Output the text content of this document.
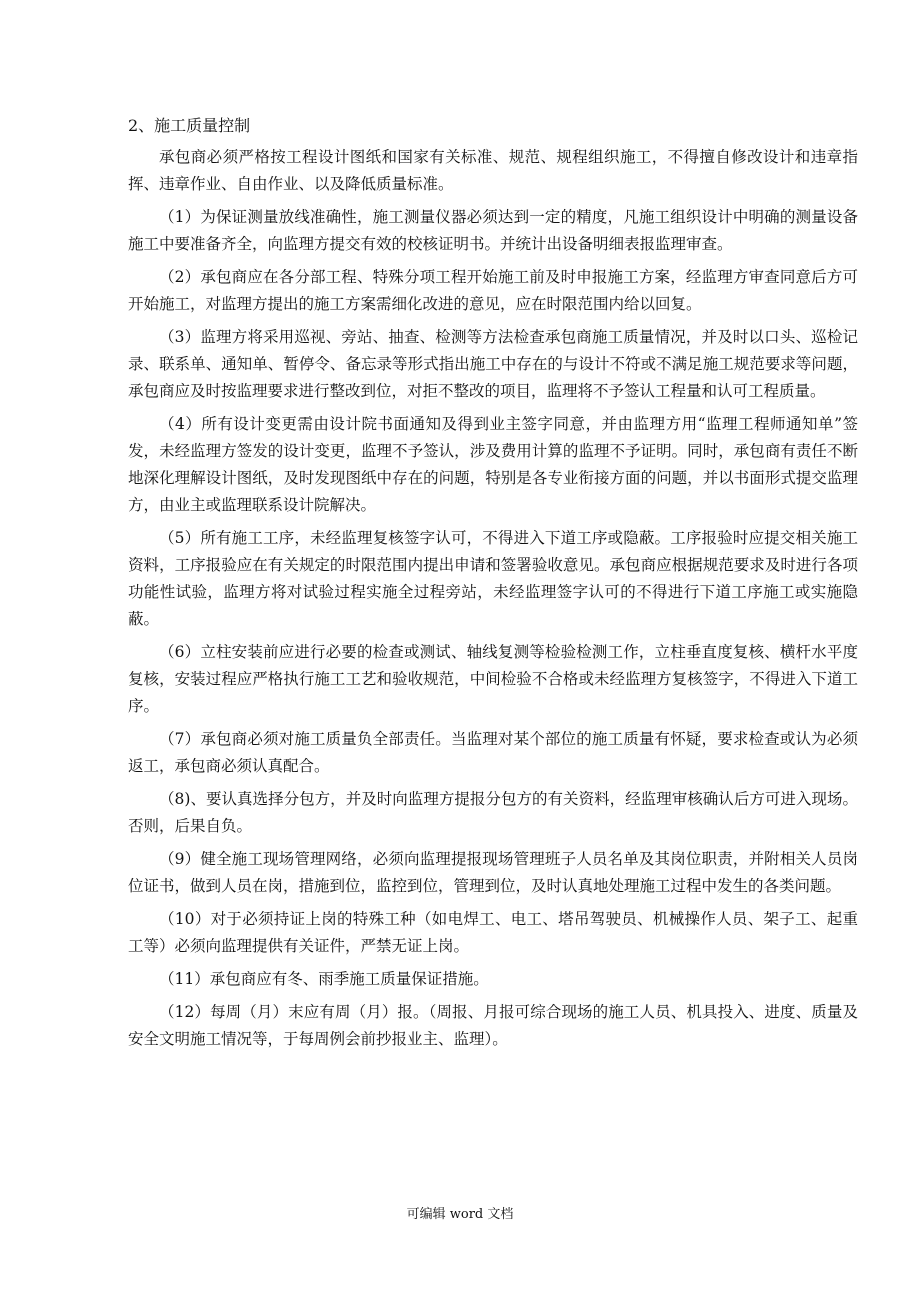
2、施工质量控制

承包商必须严格按工程设计图纸和国家有关标准、规范、规程组织施工，不得擅自修改设计和违章指挥、违章作业、自由作业、以及降低质量标准。

（1）为保证测量放线准确性，施工测量仪器必须达到一定的精度，凡施工组织设计中明确的测量设备施工中要准备齐全，向监理方提交有效的校核证明书。并统计出设备明细表报监理审查。

（2）承包商应在各分部工程、特殊分项工程开始施工前及时申报施工方案，经监理方审查同意后方可开始施工，对监理方提出的施工方案需细化改进的意见，应在时限范围内给以回复。

（3）监理方将采用巡视、旁站、抽查、检测等方法检查承包商施工质量情况，并及时以口头、巡检记录、联系单、通知单、暂停令、备忘录等形式指出施工中存在的与设计不符或不满足施工规范要求等问题，承包商应及时按监理要求进行整改到位，对拒不整改的项目，监理将不予签认工程量和认可工程质量。

（4）所有设计变更需由设计院书面通知及得到业主签字同意，并由监理方用“监理工程师通知单”签发，未经监理方签发的设计变更，监理不予签认，涉及费用计算的监理不予证明。同时，承包商有责任不断地深化理解设计图纸，及时发现图纸中存在的问题，特别是各专业衔接方面的问题，并以书面形式提交监理方，由业主或监理联系设计院解决。

（5）所有施工工序，未经监理复核签字认可，不得进入下道工序或隐蔽。工序报验时应提交相关施工资料，工序报验应在有关规定的时限范围内提出申请和签署验收意见。承包商应根据规范要求及时进行各项功能性试验，监理方将对试验过程实施全过程旁站，未经监理签字认可的不得进行下道工序施工或实施隐蔽。

（6）立柱安装前应进行必要的检查或测试、轴线复测等检验检测工作，立柱垂直度复核、横杆水平度复核，安装过程应严格执行施工工艺和验收规范，中间检验不合格或未经监理方复核签字，不得进入下道工序。

（7）承包商必须对施工质量负全部责任。当监理对某个部位的施工质量有怀疑，要求检查或认为必须返工，承包商必须认真配合。

（8)、要认真选择分包方，并及时向监理方提报分包方的有关资料，经监理审核确认后方可进入现场。否则，后果自负。

（9）健全施工现场管理网络，必须向监理提报现场管理班子人员名单及其岗位职责，并附相关人员岗位证书，做到人员在岗，措施到位，监控到位，管理到位，及时认真地处理施工过程中发生的各类问题。

（10）对于必须持证上岗的特殊工种（如电焊工、电工、塔吊驾驶员、机械操作人员、架子工、起重工等）必须向监理提供有关证件，严禁无证上岗。

（11）承包商应有冬、雨季施工质量保证措施。

（12）每周（月）末应有周（月）报。（周报、月报可综合现场的施工人员、机具投入、进度、质量及安全文明施工情况等，于每周例会前抄报业主、监理）。

可编辑 word 文档
